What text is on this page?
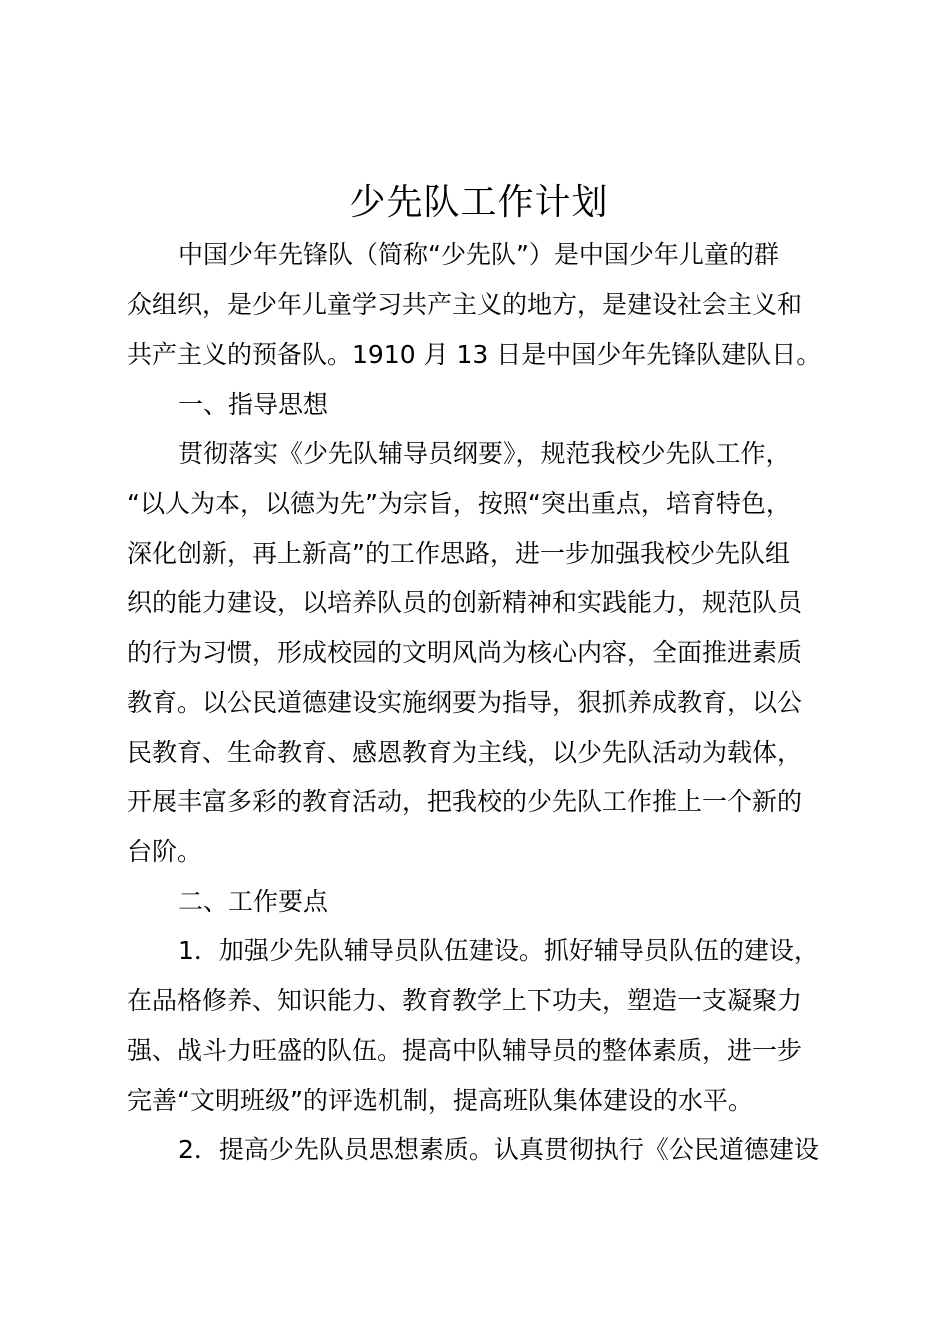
少先队工作计划
中国少年先锋队（简称“少先队”）是中国少年儿童的群
众组织，是少年儿童学习共产主义的地方，是建设社会主义和
共产主义的预备队。1910 月 13 日是中国少年先锋队建队日。
一、指导思想
贯彻落实《少先队辅导员纲要》，规范我校少先队工作，
“以人为本，以德为先”为宗旨，按照“突出重点，培育特色，
深化创新，再上新高”的工作思路，进一步加强我校少先队组
织的能力建设，以培养队员的创新精神和实践能力，规范队员
的行为习惯，形成校园的文明风尚为核心内容，全面推进素质
教育。以公民道德建设实施纲要为指导，狠抓养成教育，以公
民教育、生命教育、感恩教育为主线，以少先队活动为载体，
开展丰富多彩的教育活动，把我校的少先队工作推上一个新的
台阶。
二、工作要点
1．加强少先队辅导员队伍建设。抓好辅导员队伍的建设，
在品格修养、知识能力、教育教学上下功夫，塑造一支凝聚力
强、战斗力旺盛的队伍。提高中队辅导员的整体素质，进一步
完善“文明班级”的评选机制，提高班队集体建设的水平。
2．提高少先队员思想素质。认真贯彻执行《公民道德建设
